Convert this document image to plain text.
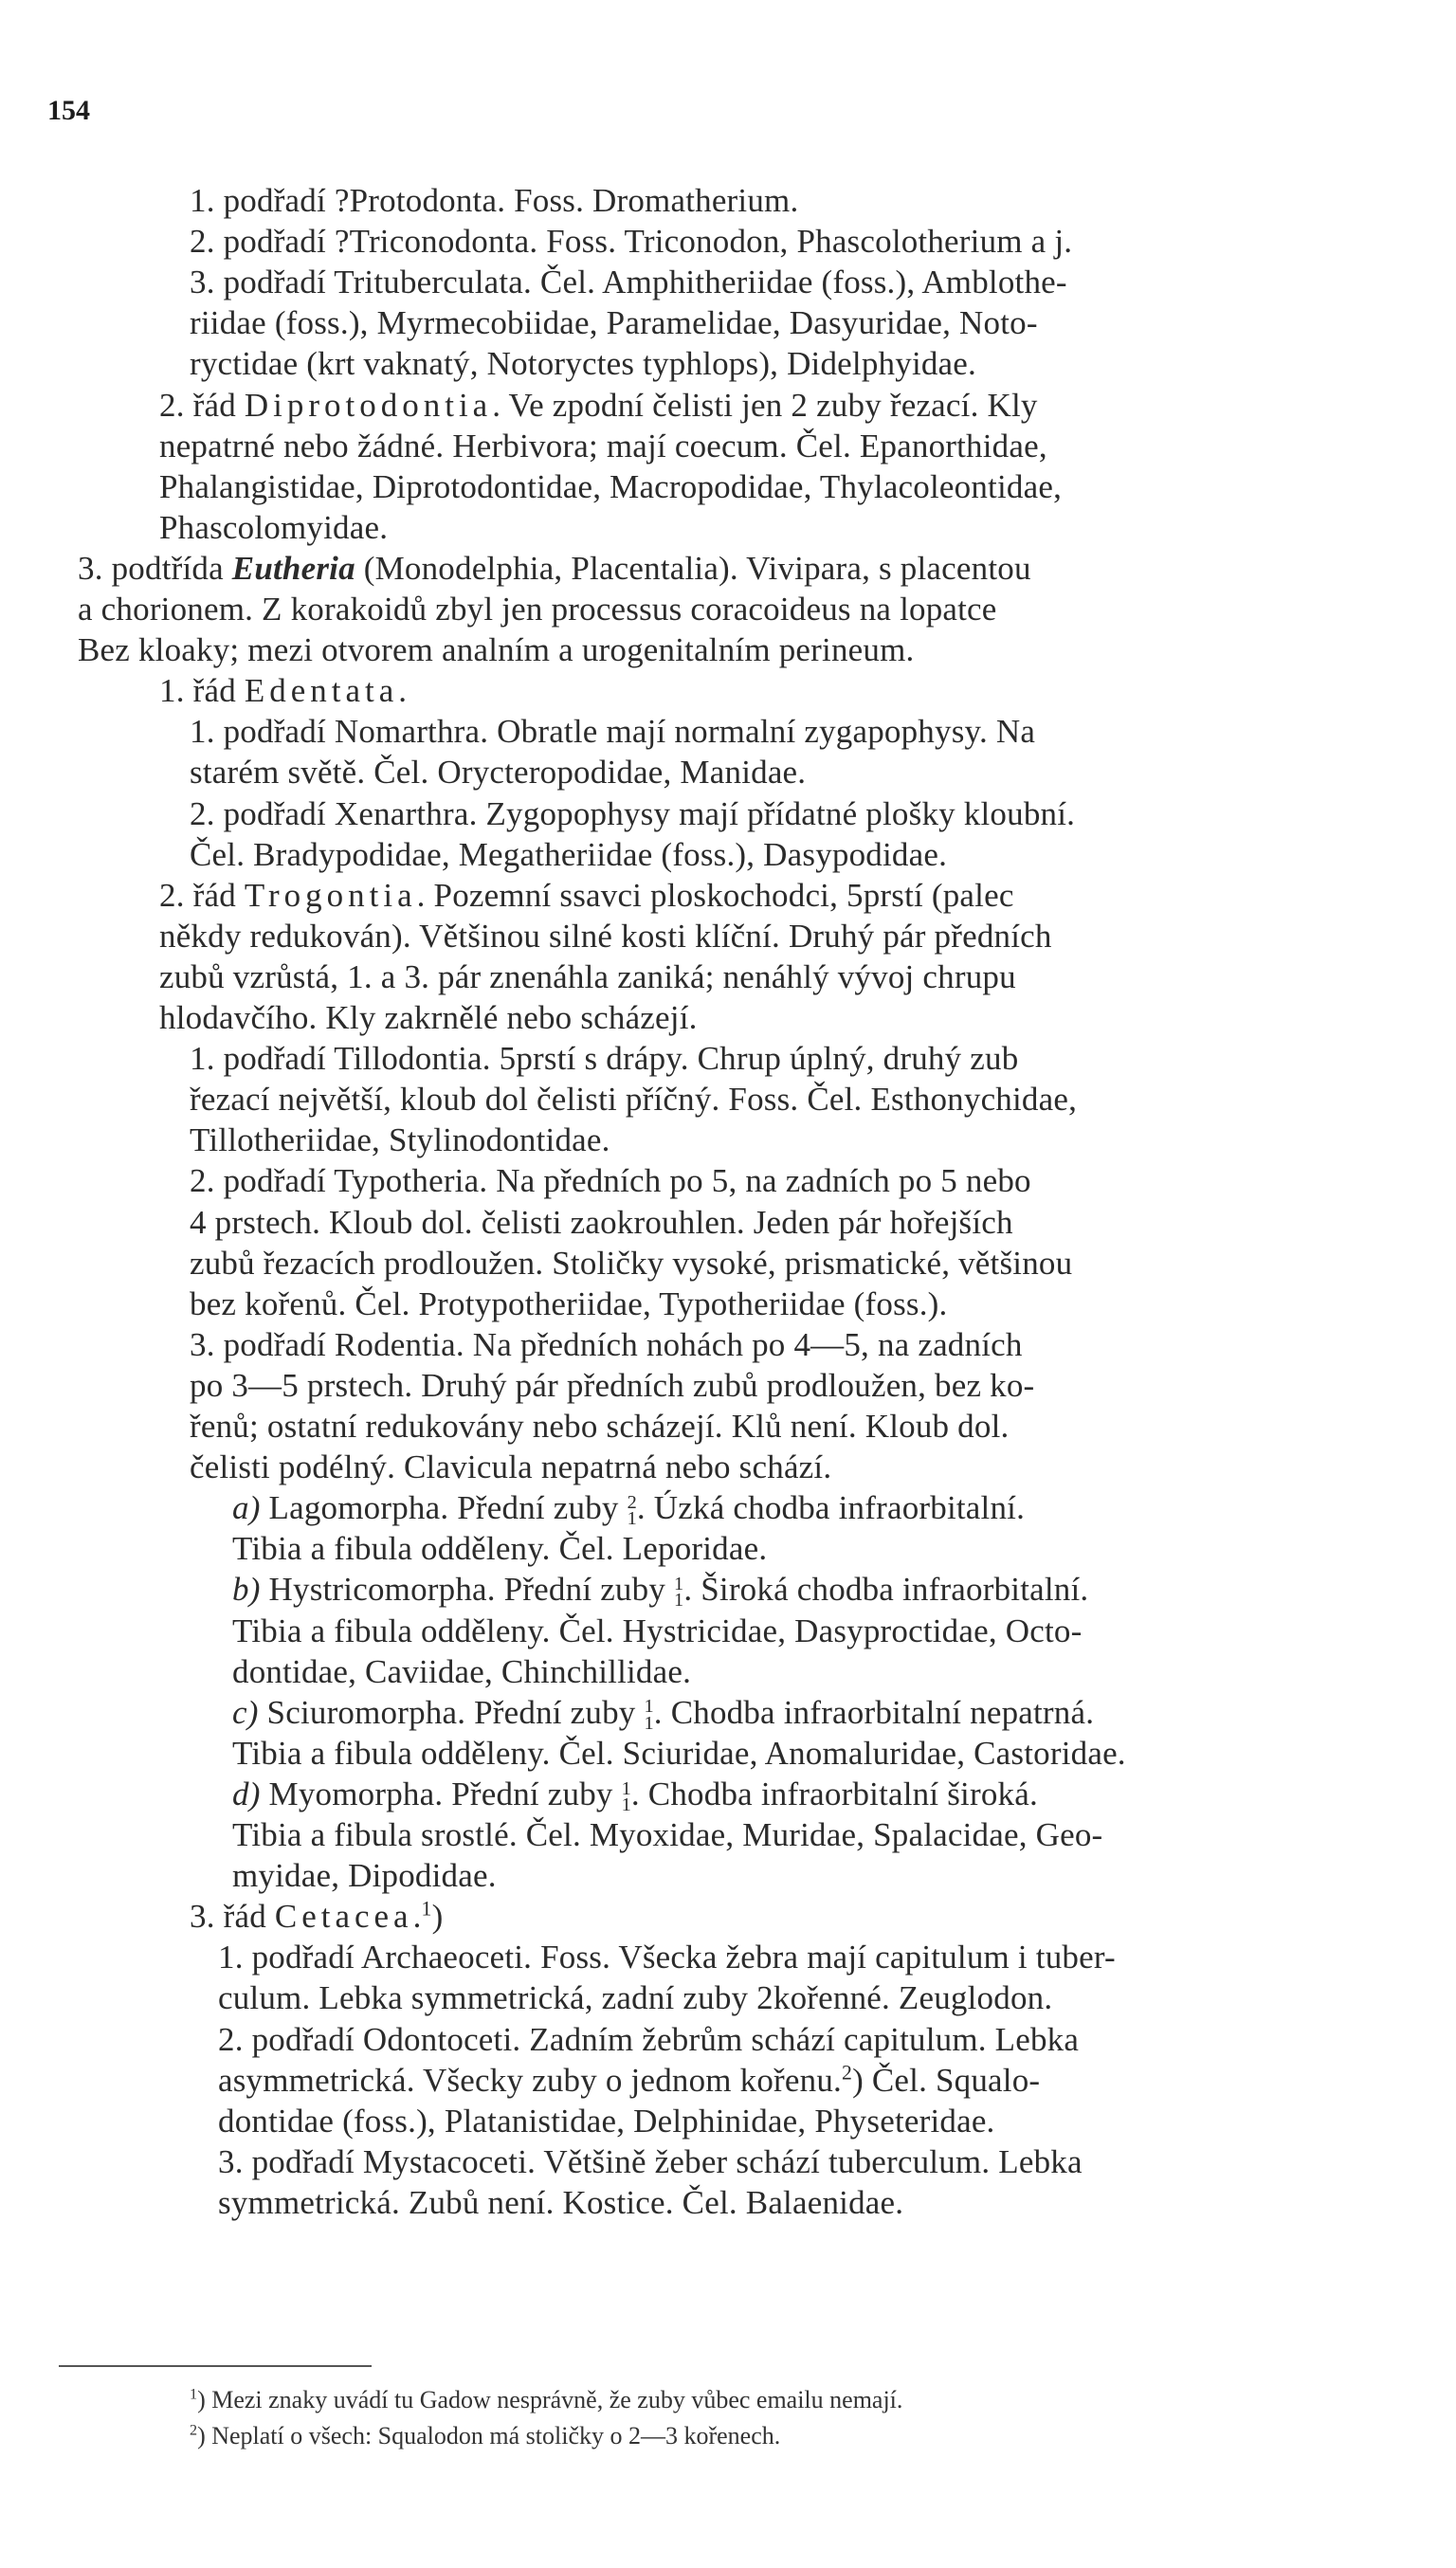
154
1. podřadí ?Protodonta. Foss. Dromatherium.
2. podřadí ?Triconodonta. Foss. Triconodon, Phascolotherium a j.
3. podřadí Trituberculata. Čel. Amphitheriidae (foss.), Amblothe-
riidae (foss.), Myrmecobiidae, Paramelidae, Dasyuridae, Noto-
ryctidae (krt vaknatý, Notoryctes typhlops), Didelphyidae.
2. řád Diprotodontia. Ve zpodní čelisti jen 2 zuby řezací. Kly
nepatrné nebo žádné. Herbivora; mají coecum. Čel. Epanorthidae,
Phalangistidae, Diprotodontidae, Macropodidae, Thylacoleontidae,
Phascolomyidae.
3. podtřída Eutheria (Monodelphia, Placentalia). Vivipara, s placentou
a chorionem. Z korakoidů zbyl jen processus coracoideus na lopatce
Bez kloaky; mezi otvorem analním a urogenitalním perineum.
1. řád Edentata.
1. podřadí Nomarthra. Obratle mají normalní zygapophysy. Na
starém světě. Čel. Orycteropodidae, Manidae.
2. podřadí Xenarthra. Zygopophysy mají přídatné plošky kloubní.
Čel. Bradypodidae, Megatheriidae (foss.), Dasypodidae.
2. řád Trogontia. Pozemní ssavci ploskochodci, 5prstí (palec
někdy redukován). Většinou silné kosti klíční. Druhý pár předních
zubů vzrůstá, 1. a 3. pár znenáhla zaniká; nenáhlý vývoj chrupu
hlodavčího. Kly zakrnělé nebo scházejí.
1. podřadí Tillodontia. 5prstí s drápy. Chrup úplný, druhý zub
řezací největší, kloub dol čelisti příčný. Foss. Čel. Esthonychidae,
Tillotheriidae, Stylinodontidae.
2. podřadí Typotheria. Na předních po 5, na zadních po 5 nebo
4 prstech. Kloub dol. čelisti zaokrouhlen. Jeden pár hořejších
zubů řezacích prodloužen. Stoličky vysoké, prismatické, většinou
bez kořenů. Čel. Protypotheriidae, Typotheriidae (foss.).
3. podřadí Rodentia. Na předních nohách po 4—5, na zadních
po 3—5 prstech. Druhý pár předních zubů prodloužen, bez ko-
řenů; ostatní redukovány nebo scházejí. Klů není. Kloub dol.
čelisti podélný. Clavicula nepatrná nebo schází.
a) Lagomorpha. Přední zuby 2
1 . Úzká chodba infraorbitalní.
Tibia a fibula odděleny. Čel. Leporidae.
b) Hystricomorpha. Přední zuby 1
1 . Široká chodba infraorbitalní.
Tibia a fibula odděleny. Čel. Hystricidae, Dasyproctidae, Octo-
dontidae, Caviidae, Chinchillidae.
c) Sciuromorpha. Přední zuby 1
1 . Chodba infraorbitalní nepatrná.
Tibia a fibula odděleny. Čel. Sciuridae, Anomaluridae, Castoridae.
d) Myomorpha. Přední zuby 1
1 . Chodba infraorbitalní široká.
Tibia a fibula srostlé. Čel. Myoxidae, Muridae, Spalacidae, Geo-
myidae, Dipodidae.
3. řád Cetacea.$^1$)
1. podřadí Archaeoceti. Foss. Všecka žebra mají capitulum i tuber-
culum. Lebka symmetrická, zadní zuby 2kořenné. Zeuglodon.
2. podřadí Odontoceti. Zadním žebrům schází capitulum. Lebka
asymmetrická. Všecky zuby o jednom kořenu.$^2$) Čel. Squalo-
dontidae (foss.), Platanistidae, Delphinidae, Physeteridae.
3. podřadí Mystacoceti. Většině žeber schází tuberculum. Lebka
symmetrická. Zubů není. Kostice. Čel. Balaenidae.
$^1$) Mezi znaky uvádí tu Gadow nesprávně, že zuby vůbec emailu nemají.
$^2$) Neplatí o všech: Squalodon má stoličky o 2—3 kořenech.
